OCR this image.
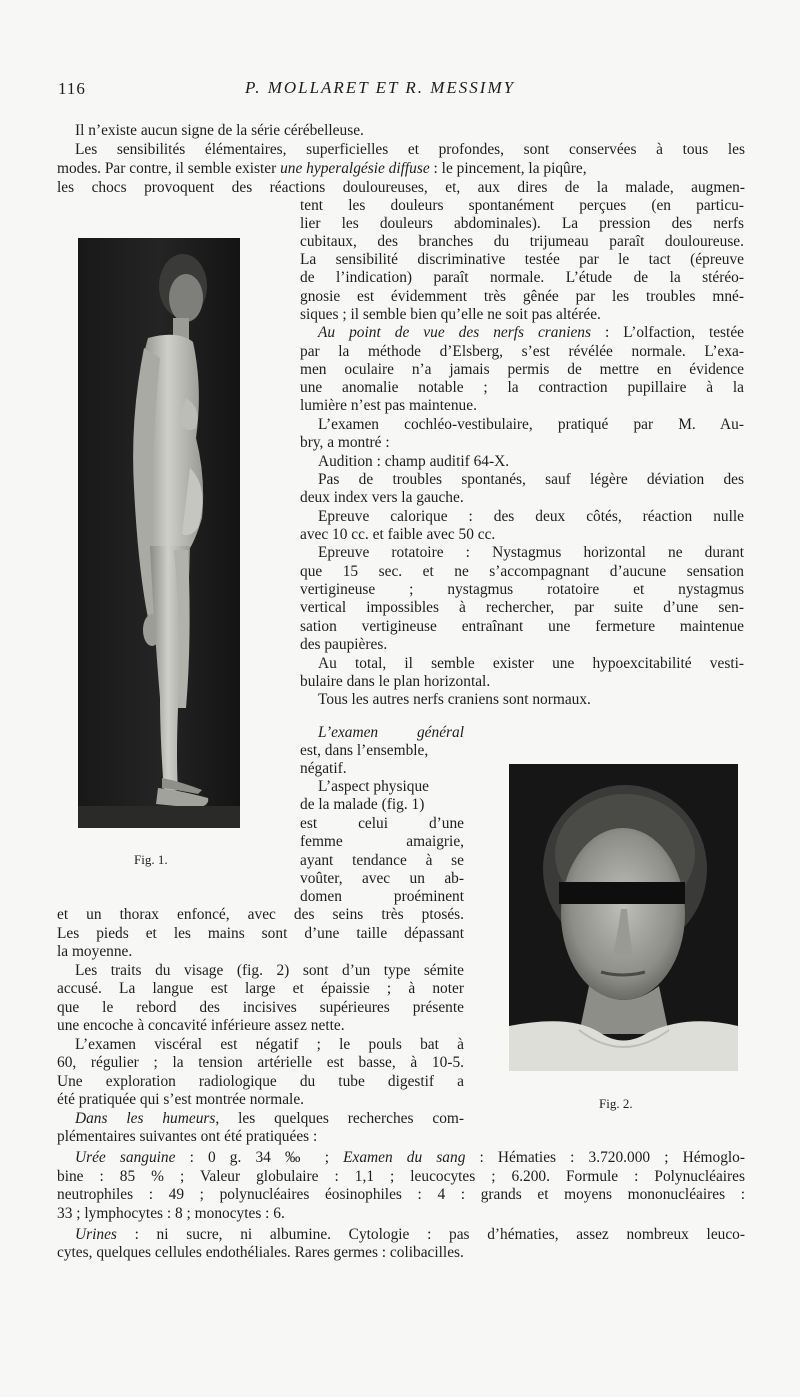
116	P. MOLLARET ET R. MESSIMY
Fig. 1.
Fig. 2.
Il n’existe aucun signe de la série cérébelleuse.
Les sensibilités élémentaires, superficielles et profondes, sont conservées à tous les
modes. Par contre, il semble exister une hyperalgésie diffuse : le pincement, la piqûre,
les chocs provoquent des réactions douloureuses, et, aux dires de la malade, augmen-
tent les douleurs spontanément perçues (en particu-
lier les douleurs abdominales). La pression des nerfs
cubitaux, des branches du trijumeau paraît douloureuse.
La sensibilité discriminative testée par le tact (épreuve
de l’indication) paraît normale. L’étude de la stéréo-
gnosie est évidemment très gênée par les troubles mné-
siques ; il semble bien qu’elle ne soit pas altérée.
Au point de vue des nerfs craniens : L’olfaction, testée
par la méthode d’Elsberg, s’est révélée normale. L’exa-
men oculaire n’a jamais permis de mettre en évidence
une anomalie notable ; la contraction pupillaire à la
lumière n’est pas maintenue.
L’examen cochléo-vestibulaire, pratiqué par M. Au-
bry, a montré :
Audition : champ auditif 64-X.
Pas de troubles spontanés, sauf légère déviation des
deux index vers la gauche.
Epreuve calorique : des deux côtés, réaction nulle
avec 10 cc. et faible avec 50 cc.
Epreuve rotatoire : Nystagmus horizontal ne durant
que 15 sec. et ne s’accompagnant d’aucune sensation
vertigineuse ; nystagmus rotatoire et nystagmus
vertical impossibles à rechercher, par suite d’une sen-
sation vertigineuse entraînant une fermeture maintenue
des paupières.
Au total, il semble exister une hypoexcitabilité vesti-
bulaire dans le plan horizontal.
Tous les autres nerfs craniens sont normaux.
L’examen général
est, dans l’ensemble,
négatif.
L’aspect physique
de la malade (fig. 1)
est celui d’une
femme amaigrie,
ayant tendance à se
voûter, avec un ab-
domen proéminent
et un thorax enfoncé, avec des seins très ptosés.
Les pieds et les mains sont d’une taille dépassant
la moyenne.
Les traits du visage (fig. 2) sont d’un type sémite
accusé. La langue est large et épaissie ; à noter
que le rebord des incisives supérieures présente
une encoche à concavité inférieure assez nette.
L’examen viscéral est négatif ; le pouls bat à
60, régulier ; la tension artérielle est basse, à 10-5.
Une exploration radiologique du tube digestif a
été pratiquée qui s’est montrée normale.
Dans les humeurs, les quelques recherches com-
plémentaires suivantes ont été pratiquées :
Urée sanguine : 0 g. 34 ‰ ; Examen du sang : Hématies : 3.720.000 ; Hémoglo-
bine : 85 % ; Valeur globulaire : 1,1 ; leucocytes ; 6.200. Formule : Polynucléaires
neutrophiles : 49 ; polynucléaires éosinophiles : 4 : grands et moyens mononucléaires :
33 ; lymphocytes : 8 ; monocytes : 6.
Urines : ni sucre, ni albumine. Cytologie : pas d’hématies, assez nombreux leuco-
cytes, quelques cellules endothéliales. Rares germes : colibacilles.
